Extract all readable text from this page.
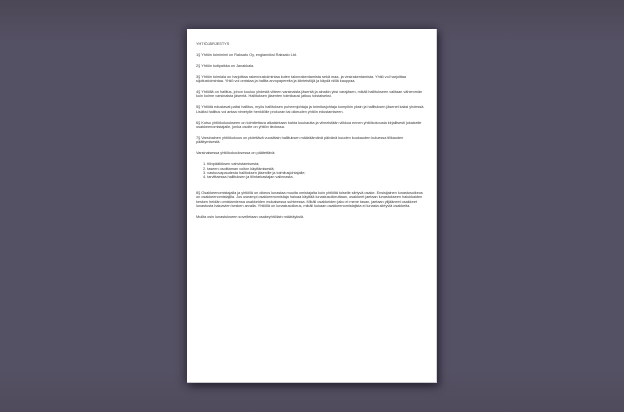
YHTIÖJÄRJESTYS

1§ Yhtiön toiminimi on Raksato Oy, englanniksi Raksato Ltd.

2§ Yhtiön kotipaikka on Janakkala.

3§ Yhtiön toimiala on harjoittaa rakennustoimintaa kuten talonrakentamista sekä maa- ja vesirakentamista. Yhtiö voi harjoittaa sijoitustoimintaa. Yhtiö voi omistaa ja hallita arvopapereita ja kiinteistöjä ja käydä niillä kauppaa.

4§ Yhtiöllä on hallitus, johon kuuluu yhdestä viiteen varsinaista jäsentä ja ainakin yksi varajäsen, mikäli hallitukseen valitaan vähemmän kuin kolme varsinaista jäsentä. Hallituksen jäsenten toimikausi jatkuu toistaiseksi.

5§ Yhtiötä edustavat paitsi hallitus, myös hallituksen puheenjohtaja ja toimitusjohtaja kumpikin yksin ja hallituksen jäsenet kaksi yhdessä. Lisäksi hallitus voi antaa nimetylle henkilölle prokuran tai oikeuden yhtiön edustamiseen.

6§ Kutsu yhtiökokoukseen on toimitettava aikaisintaan kahta kuukautta ja viimeistään viikkoa ennen yhtiökokousta kirjallisesti jokaiselle osakkeenomistajalle, jonka osoite on yhtiön tiedossa.

7§ Varsinainen yhtiökokous on pidettävä vuosittain hallituksen määräämänä päivänä kuuden kuukauden kuluessa tilikauden päättymisestä.

Varsinaisessa yhtiökokouksessa on päätettävä:

1. tilinpäätöksen vahvistamisesta;
2. taseen osoittaman voiton käyttämisestä;
3. vastuuvapaudesta hallituksen jäsenille ja toimitusjohtajalle;
4. tarvittaessa hallituksen ja tilintarkastajan valinnasta.

8§ Osakkeenomistajalla ja yhtiöllä on oikeus lunastaa muulta omistajalta kuin yhtiöltä toiselle siirtyvä osake. Ensisijainen lunastusoikeus on osakkeenomistajilla. Jos useampi osakkeenomistaja haluaa käyttää lunastusoikeuttaan, osakkeet jaetaan lunastukseen halukkaiden kesken heidän omistamiensa osakkeiden mukaisessa suhteessa. Mikäli osakkeiden jako ei mene tasan, jaetaan ylijääneet osakkeet lunastusta haluavien kesken arvalla. Yhtiöllä on lunastusoikeus, mikäli kukaan osakkeenomistajista ei lunasta siirtyviä osakkeita.

Muilta osin lunastukseen sovelletaan osakeyhtiölain määräyksiä.
